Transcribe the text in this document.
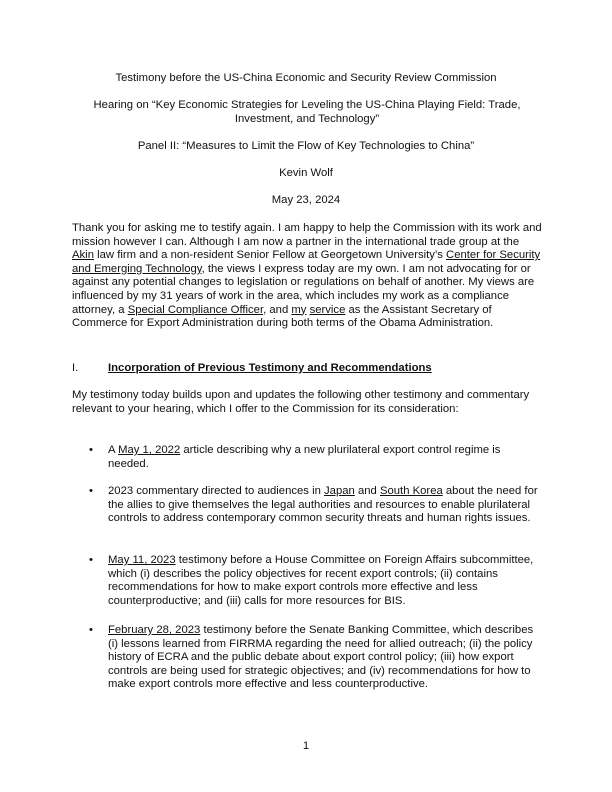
Testimony before the US-China Economic and Security Review Commission
Hearing on “Key Economic Strategies for Leveling the US-China Playing Field: Trade, Investment, and Technology”
Panel II: “Measures to Limit the Flow of Key Technologies to China”
Kevin Wolf
May 23, 2024
Thank you for asking me to testify again. I am happy to help the Commission with its work and mission however I can. Although I am now a partner in the international trade group at the Akin law firm and a non-resident Senior Fellow at Georgetown University’s Center for Security and Emerging Technology, the views I express today are my own. I am not advocating for or against any potential changes to legislation or regulations on behalf of another. My views are influenced by my 31 years of work in the area, which includes my work as a compliance attorney, a Special Compliance Officer, and my service as the Assistant Secretary of Commerce for Export Administration during both terms of the Obama Administration.
I.	Incorporation of Previous Testimony and Recommendations
My testimony today builds upon and updates the following other testimony and commentary relevant to your hearing, which I offer to the Commission for its consideration:
• A May 1, 2022 article describing why a new plurilateral export control regime is needed.
• 2023 commentary directed to audiences in Japan and South Korea about the need for the allies to give themselves the legal authorities and resources to enable plurilateral controls to address contemporary common security threats and human rights issues.
• May 11, 2023 testimony before a House Committee on Foreign Affairs subcommittee, which (i) describes the policy objectives for recent export controls; (ii) contains recommendations for how to make export controls more effective and less counterproductive; and (iii) calls for more resources for BIS.
• February 28, 2023 testimony before the Senate Banking Committee, which describes (i) lessons learned from FIRRMA regarding the need for allied outreach; (ii) the policy history of ECRA and the public debate about export control policy; (iii) how export controls are being used for strategic objectives; and (iv) recommendations for how to make export controls more effective and less counterproductive.
1
